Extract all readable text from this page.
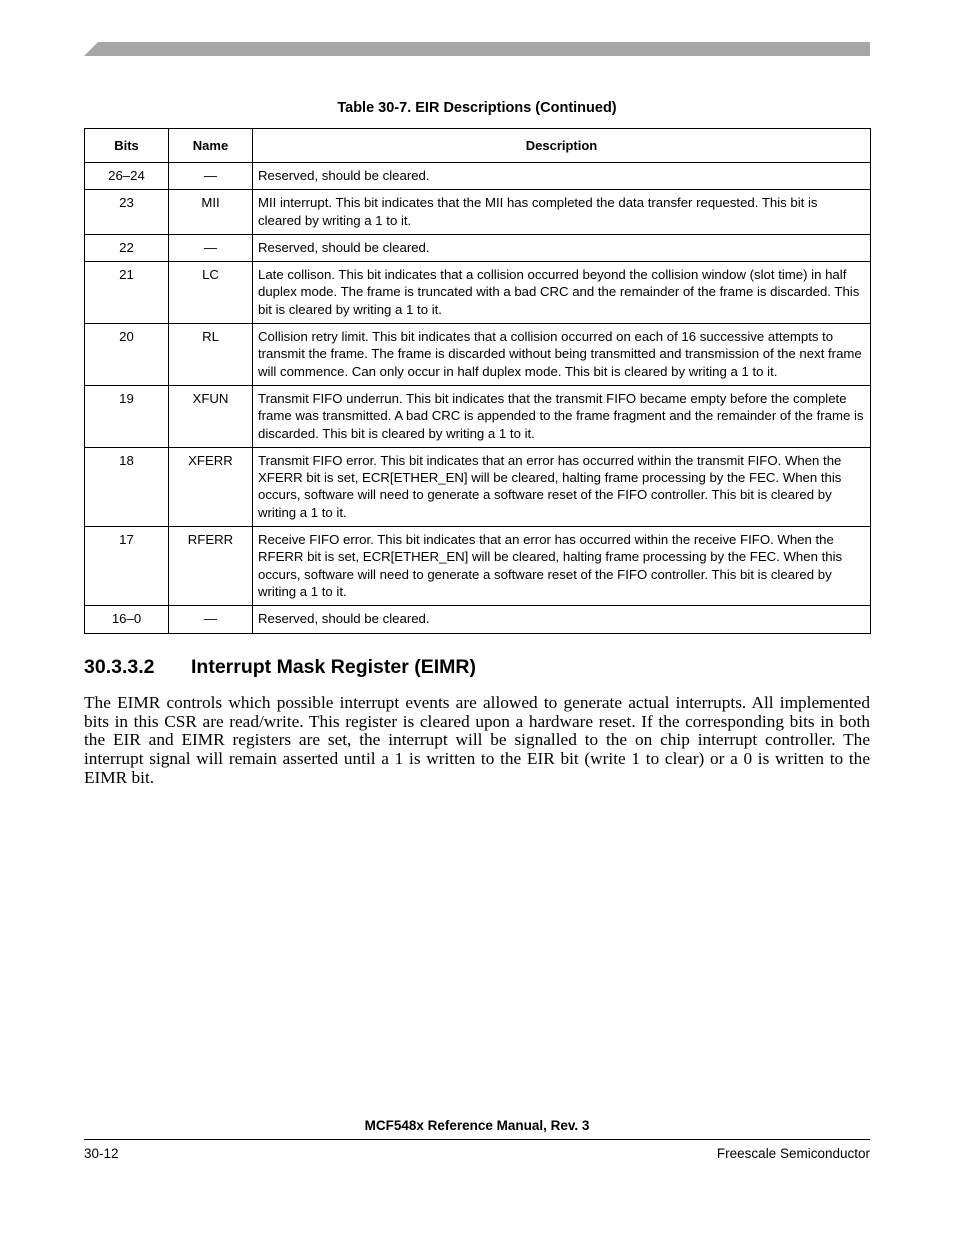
Table 30-7. EIR Descriptions (Continued)
Bits	Name	Description
26–24	—	Reserved, should be cleared.
23	MII	MII interrupt. This bit indicates that the MII has completed the data transfer requested. This bit is cleared by writing a 1 to it.
22	—	Reserved, should be cleared.
21	LC	Late collison. This bit indicates that a collision occurred beyond the collision window (slot time) in half duplex mode. The frame is truncated with a bad CRC and the remainder of the frame is discarded. This bit is cleared by writing a 1 to it.
20	RL	Collision retry limit. This bit indicates that a collision occurred on each of 16 successive attempts to transmit the frame. The frame is discarded without being transmitted and transmission of the next frame will commence. Can only occur in half duplex mode. This bit is cleared by writing a 1 to it.
19	XFUN	Transmit FIFO underrun. This bit indicates that the transmit FIFO became empty before the complete frame was transmitted. A bad CRC is appended to the frame fragment and the remainder of the frame is discarded. This bit is cleared by writing a 1 to it.
18	XFERR	Transmit FIFO error. This bit indicates that an error has occurred within the transmit FIFO. When the XFERR bit is set, ECR[ETHER_EN] will be cleared, halting frame processing by the FEC. When this occurs, software will need to generate a software reset of the FIFO controller. This bit is cleared by writing a 1 to it.
17	RFERR	Receive FIFO error. This bit indicates that an error has occurred within the receive FIFO. When the RFERR bit is set, ECR[ETHER_EN] will be cleared, halting frame processing by the FEC. When this occurs, software will need to generate a software reset of the FIFO controller. This bit is cleared by writing a 1 to it.
16–0	—	Reserved, should be cleared.
30.3.3.2 Interrupt Mask Register (EIMR)

The EIMR controls which possible interrupt events are allowed to generate actual interrupts. All implemented bits in this CSR are read/write. This register is cleared upon a hardware reset. If the corresponding bits in both the EIR and EIMR registers are set, the interrupt will be signalled to the on chip interrupt controller. The interrupt signal will remain asserted until a 1 is written to the EIR bit (write 1 to clear) or a 0 is written to the EIMR bit.

MCF548x Reference Manual, Rev. 3
30-12	Freescale Semiconductor
